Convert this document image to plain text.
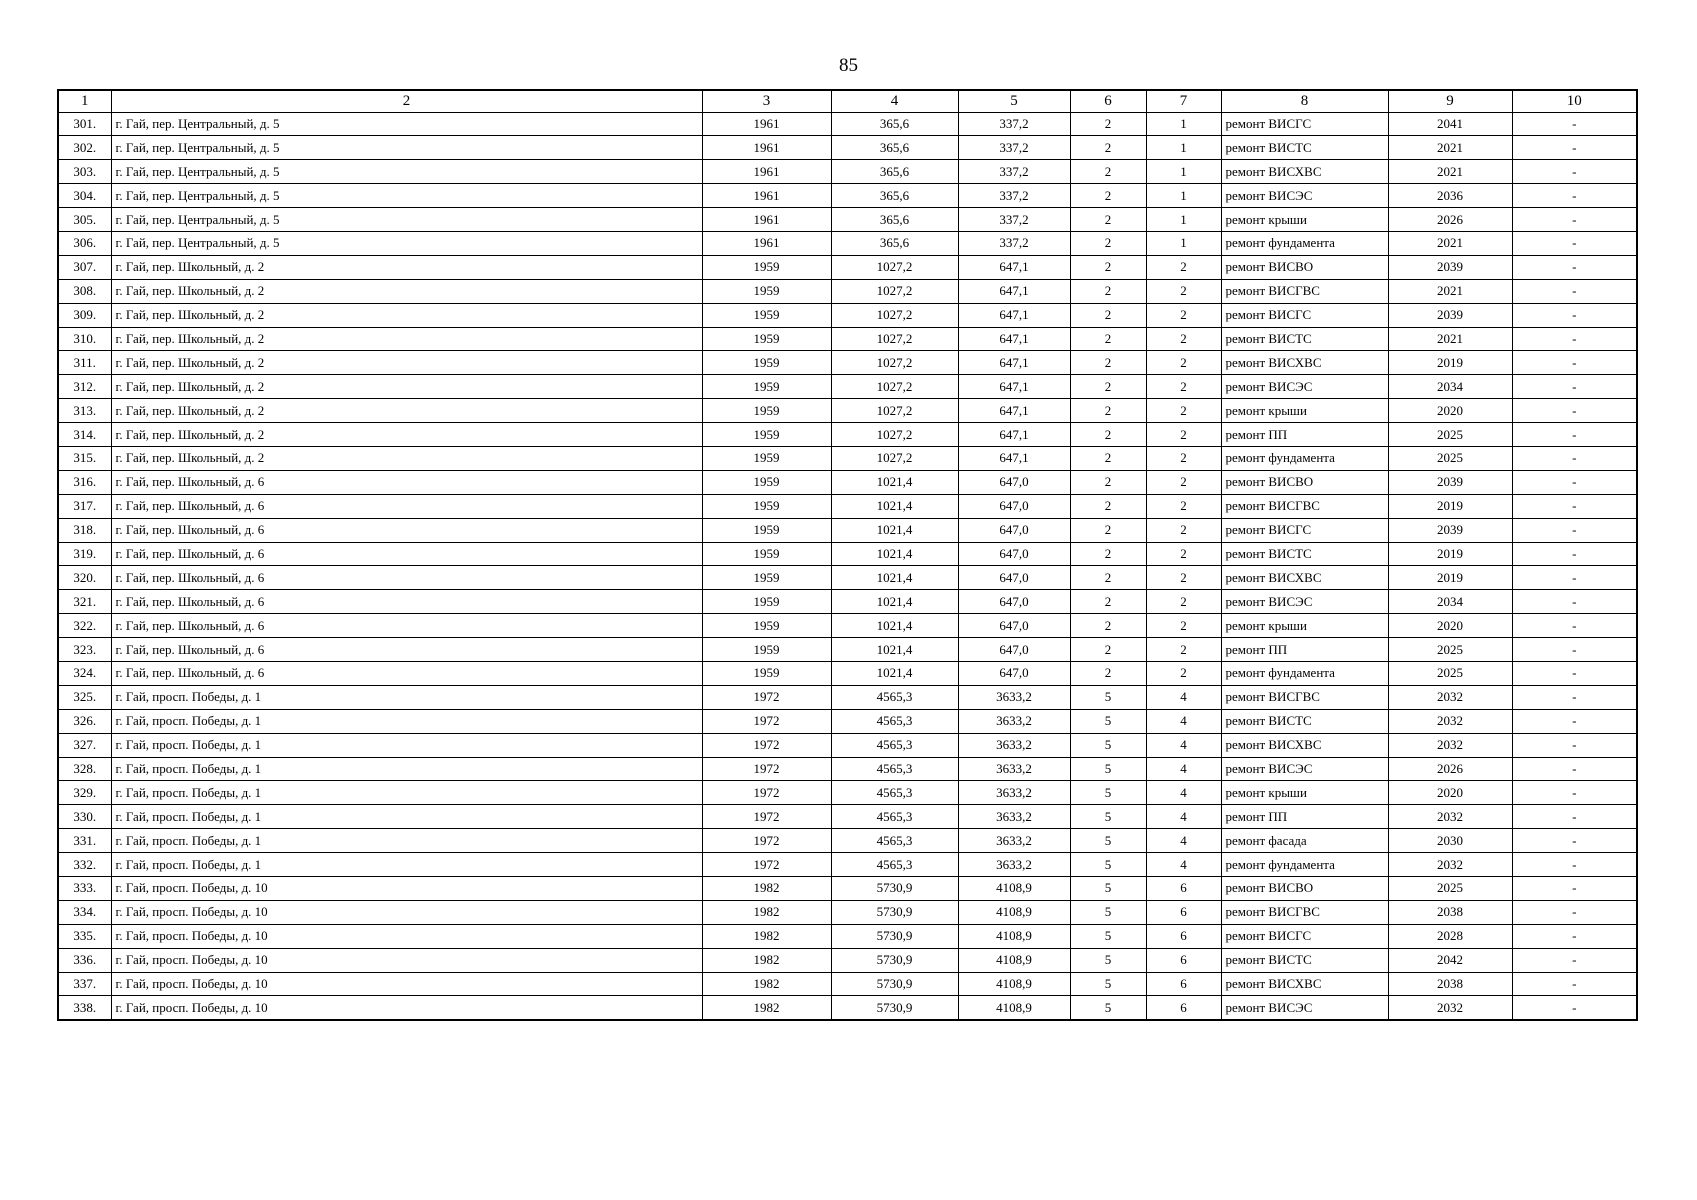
85
1	2	3	4	5	6	7	8	9	10
301.	г. Гай, пер. Центральный, д. 5	1961	365,6	337,2	2	1	ремонт ВИСГС	2041	-
302.	г. Гай, пер. Центральный, д. 5	1961	365,6	337,2	2	1	ремонт ВИСТС	2021	-
303.	г. Гай, пер. Центральный, д. 5	1961	365,6	337,2	2	1	ремонт ВИСХВС	2021	-
304.	г. Гай, пер. Центральный, д. 5	1961	365,6	337,2	2	1	ремонт ВИСЭС	2036	-
305.	г. Гай, пер. Центральный, д. 5	1961	365,6	337,2	2	1	ремонт крыши	2026	-
306.	г. Гай, пер. Центральный, д. 5	1961	365,6	337,2	2	1	ремонт фундамента	2021	-
307.	г. Гай, пер. Школьный, д. 2	1959	1027,2	647,1	2	2	ремонт ВИСВО	2039	-
308.	г. Гай, пер. Школьный, д. 2	1959	1027,2	647,1	2	2	ремонт ВИСГВС	2021	-
309.	г. Гай, пер. Школьный, д. 2	1959	1027,2	647,1	2	2	ремонт ВИСГС	2039	-
310.	г. Гай, пер. Школьный, д. 2	1959	1027,2	647,1	2	2	ремонт ВИСТС	2021	-
311.	г. Гай, пер. Школьный, д. 2	1959	1027,2	647,1	2	2	ремонт ВИСХВС	2019	-
312.	г. Гай, пер. Школьный, д. 2	1959	1027,2	647,1	2	2	ремонт ВИСЭС	2034	-
313.	г. Гай, пер. Школьный, д. 2	1959	1027,2	647,1	2	2	ремонт крыши	2020	-
314.	г. Гай, пер. Школьный, д. 2	1959	1027,2	647,1	2	2	ремонт ПП	2025	-
315.	г. Гай, пер. Школьный, д. 2	1959	1027,2	647,1	2	2	ремонт фундамента	2025	-
316.	г. Гай, пер. Школьный, д. 6	1959	1021,4	647,0	2	2	ремонт ВИСВО	2039	-
317.	г. Гай, пер. Школьный, д. 6	1959	1021,4	647,0	2	2	ремонт ВИСГВС	2019	-
318.	г. Гай, пер. Школьный, д. 6	1959	1021,4	647,0	2	2	ремонт ВИСГС	2039	-
319.	г. Гай, пер. Школьный, д. 6	1959	1021,4	647,0	2	2	ремонт ВИСТС	2019	-
320.	г. Гай, пер. Школьный, д. 6	1959	1021,4	647,0	2	2	ремонт ВИСХВС	2019	-
321.	г. Гай, пер. Школьный, д. 6	1959	1021,4	647,0	2	2	ремонт ВИСЭС	2034	-
322.	г. Гай, пер. Школьный, д. 6	1959	1021,4	647,0	2	2	ремонт крыши	2020	-
323.	г. Гай, пер. Школьный, д. 6	1959	1021,4	647,0	2	2	ремонт ПП	2025	-
324.	г. Гай, пер. Школьный, д. 6	1959	1021,4	647,0	2	2	ремонт фундамента	2025	-
325.	г. Гай, просп. Победы, д. 1	1972	4565,3	3633,2	5	4	ремонт ВИСГВС	2032	-
326.	г. Гай, просп. Победы, д. 1	1972	4565,3	3633,2	5	4	ремонт ВИСТС	2032	-
327.	г. Гай, просп. Победы, д. 1	1972	4565,3	3633,2	5	4	ремонт ВИСХВС	2032	-
328.	г. Гай, просп. Победы, д. 1	1972	4565,3	3633,2	5	4	ремонт ВИСЭС	2026	-
329.	г. Гай, просп. Победы, д. 1	1972	4565,3	3633,2	5	4	ремонт крыши	2020	-
330.	г. Гай, просп. Победы, д. 1	1972	4565,3	3633,2	5	4	ремонт ПП	2032	-
331.	г. Гай, просп. Победы, д. 1	1972	4565,3	3633,2	5	4	ремонт фасада	2030	-
332.	г. Гай, просп. Победы, д. 1	1972	4565,3	3633,2	5	4	ремонт фундамента	2032	-
333.	г. Гай, просп. Победы, д. 10	1982	5730,9	4108,9	5	6	ремонт ВИСВО	2025	-
334.	г. Гай, просп. Победы, д. 10	1982	5730,9	4108,9	5	6	ремонт ВИСГВС	2038	-
335.	г. Гай, просп. Победы, д. 10	1982	5730,9	4108,9	5	6	ремонт ВИСГС	2028	-
336.	г. Гай, просп. Победы, д. 10	1982	5730,9	4108,9	5	6	ремонт ВИСТС	2042	-
337.	г. Гай, просп. Победы, д. 10	1982	5730,9	4108,9	5	6	ремонт ВИСХВС	2038	-
338.	г. Гай, просп. Победы, д. 10	1982	5730,9	4108,9	5	6	ремонт ВИСЭС	2032	-
